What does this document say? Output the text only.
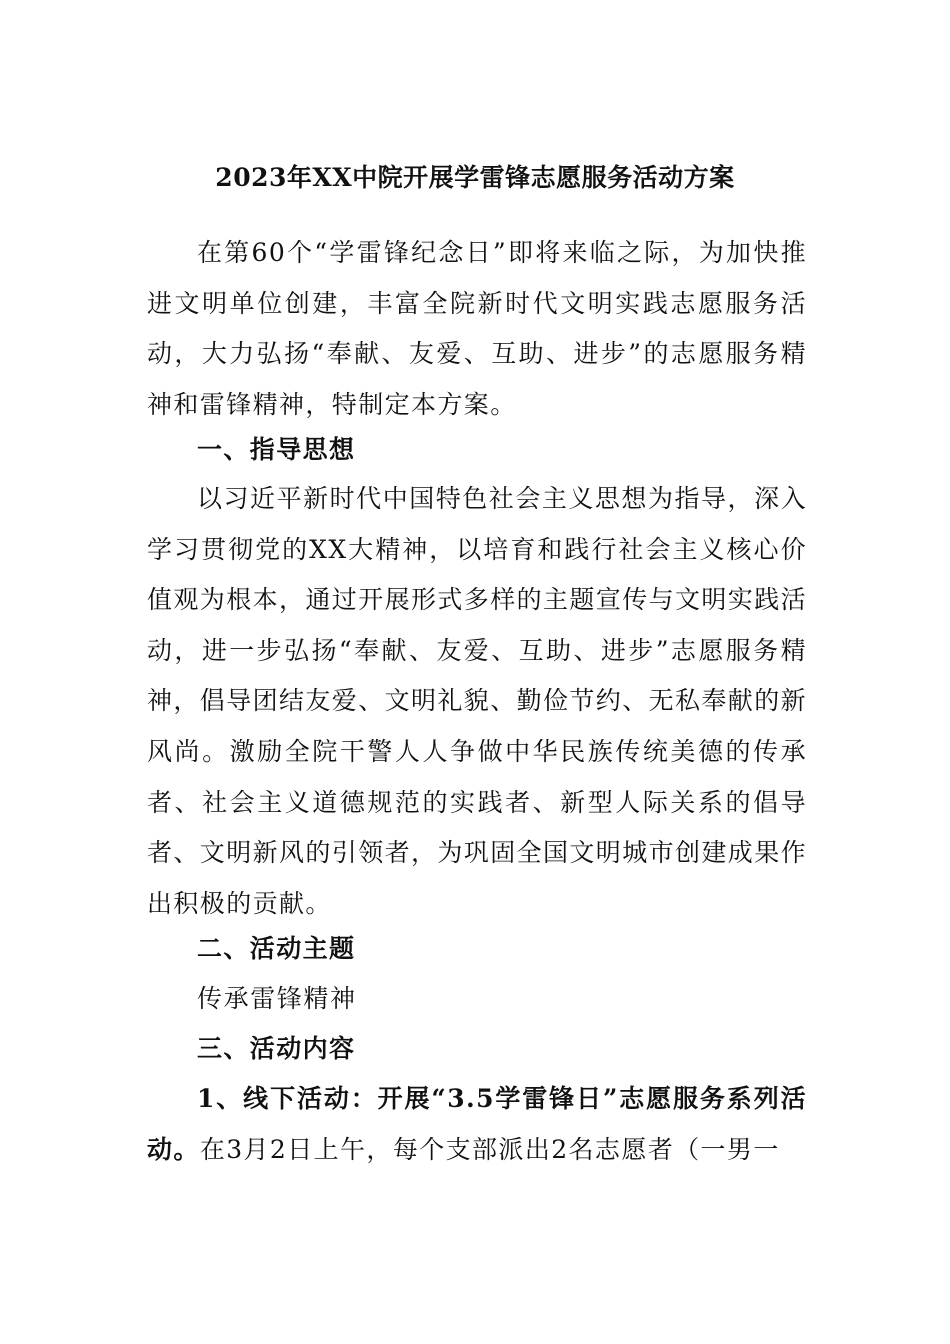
2023年XX中院开展学雷锋志愿服务活动方案

在第60个“学雷锋纪念日”即将来临之际，为加快推进文明单位创建，丰富全院新时代文明实践志愿服务活动，大力弘扬“奉献、友爱、互助、进步”的志愿服务精神和雷锋精神，特制定本方案。

一、指导思想

以习近平新时代中国特色社会主义思想为指导，深入学习贯彻党的XX大精神，以培育和践行社会主义核心价值观为根本，通过开展形式多样的主题宣传与文明实践活动，进一步弘扬“奉献、友爱、互助、进步”志愿服务精神，倡导团结友爱、文明礼貌、勤俭节约、无私奉献的新风尚。激励全院干警人人争做中华民族传统美德的传承者、社会主义道德规范的实践者、新型人际关系的倡导者、文明新风的引领者，为巩固全国文明城市创建成果作出积极的贡献。

二、活动主题

传承雷锋精神

三、活动内容

1、线下活动：开展“3.5学雷锋日”志愿服务系列活动。在3月2日上午，每个支部派出2名志愿者（一男一
